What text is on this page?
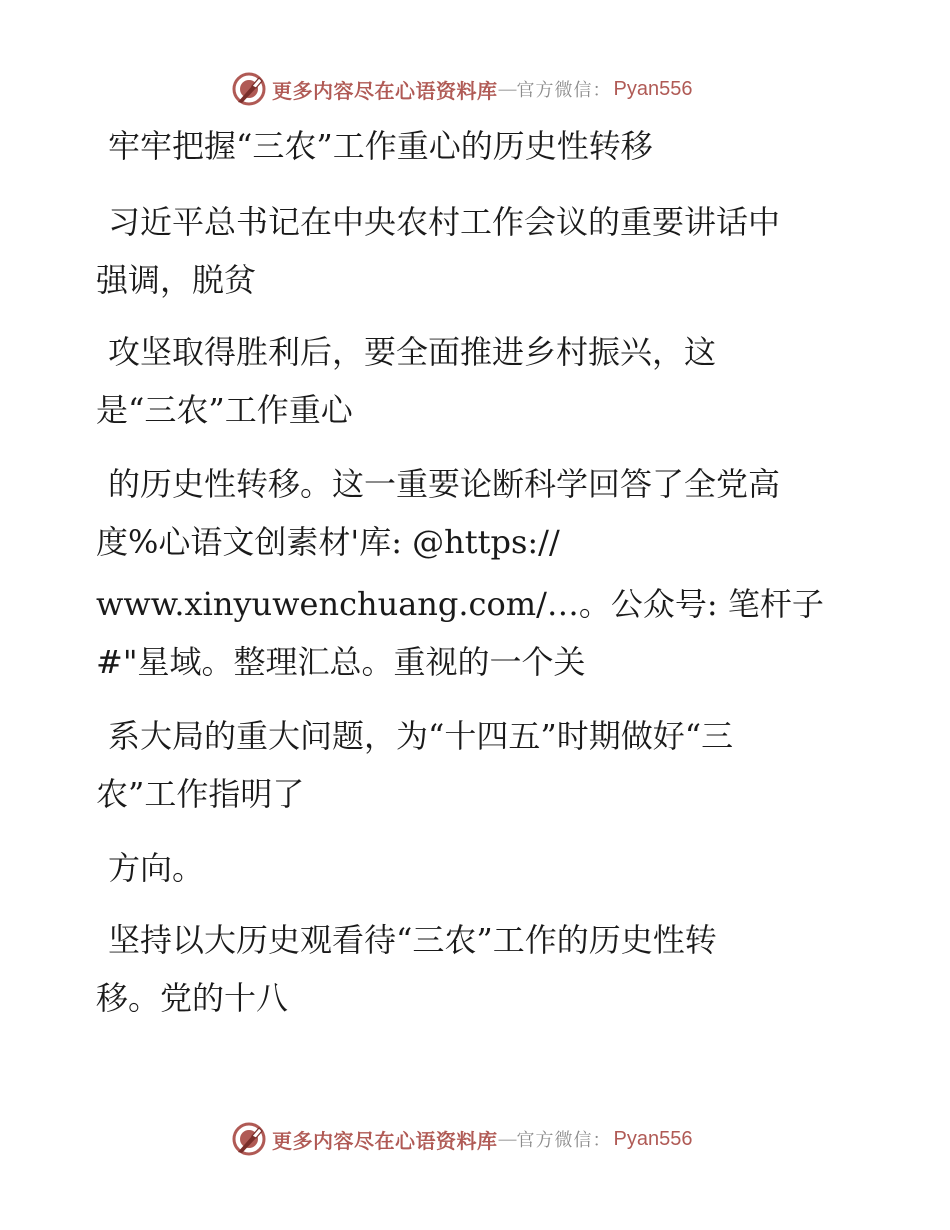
更多内容尽在心语资料库 — 官方微信： Pyan556
牢牢把握“三农”工作重心的历史性转移
习近平总书记在中央农村工作会议的重要讲话中
强调，脱贫
攻坚取得胜利后，要全面推进乡村振兴，这
是“三农”工作重心
的历史性转移。这一重要论断科学回答了全党高
度%心语文创素材'库: @https://
www.xinyuwenchuang.com/…。公众号: 笔杆子
#"星域。整理汇总。重视的一个关
系大局的重大问题，为“十四五”时期做好“三
农”工作指明了
方向。
坚持以大历史观看待“三农”工作的历史性转
移。党的十八
更多内容尽在心语资料库 — 官方微信： Pyan556
